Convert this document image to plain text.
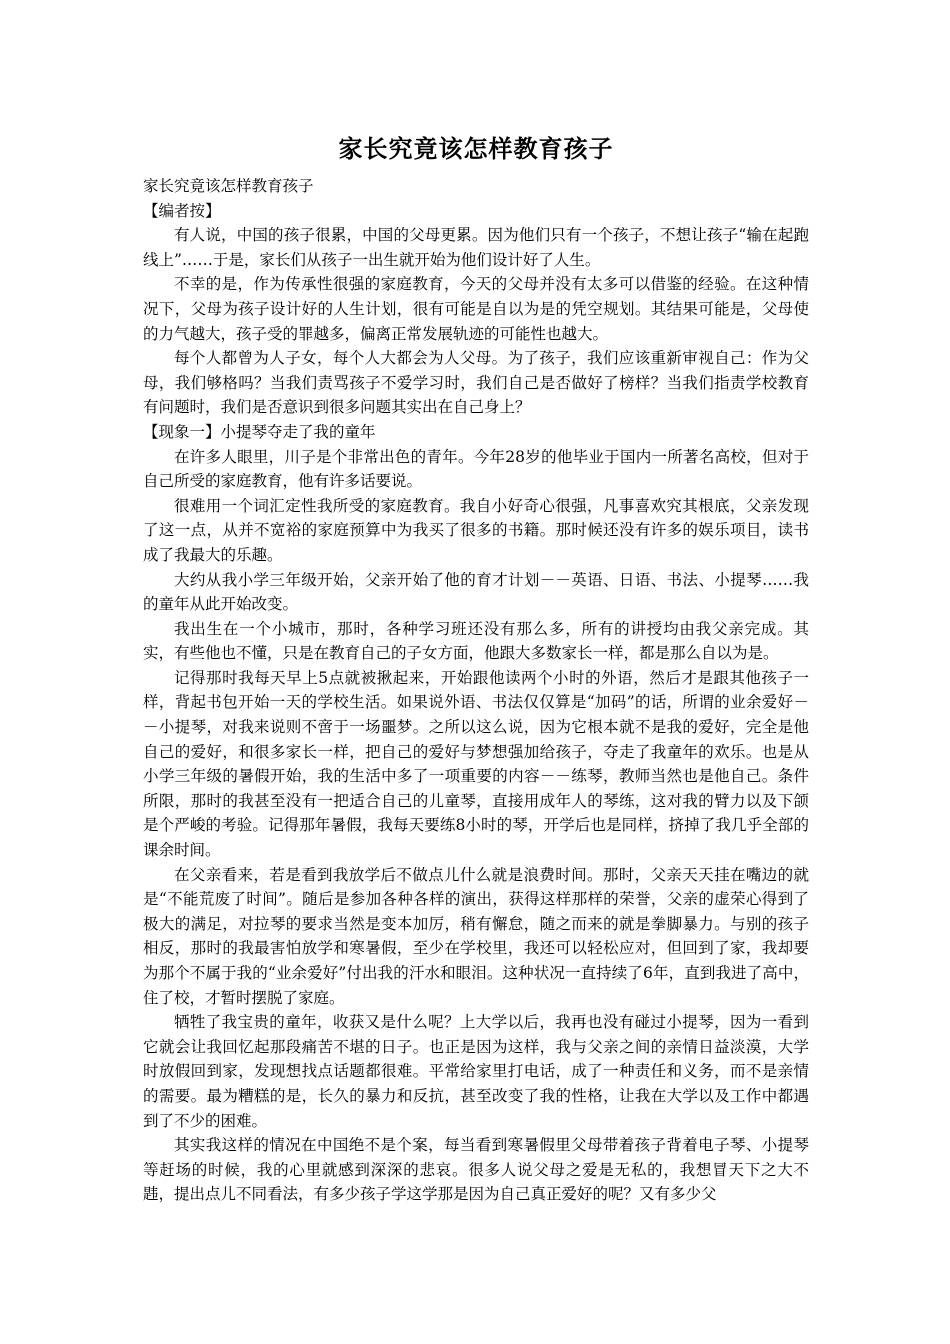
家长究竟该怎样教育孩子

家长究竟该怎样教育孩子

【编者按】

有人说，中国的孩子很累，中国的父母更累。因为他们只有一个孩子，不想让孩子“输在起跑线上”……于是，家长们从孩子一出生就开始为他们设计好了人生。

不幸的是，作为传承性很强的家庭教育，今天的父母并没有太多可以借鉴的经验。在这种情况下，父母为孩子设计好的人生计划，很有可能是自以为是的凭空规划。其结果可能是，父母使的力气越大，孩子受的罪越多，偏离正常发展轨迹的可能性也越大。

每个人都曾为人子女，每个人大都会为人父母。为了孩子，我们应该重新审视自己：作为父母，我们够格吗？当我们责骂孩子不爱学习时，我们自己是否做好了榜样？当我们指责学校教育有问题时，我们是否意识到很多问题其实出在自己身上？

【现象一】小提琴夺走了我的童年

在许多人眼里，川子是个非常出色的青年。今年28岁的他毕业于国内一所著名高校，但对于自己所受的家庭教育，他有许多话要说。

很难用一个词汇定性我所受的家庭教育。我自小好奇心很强，凡事喜欢究其根底，父亲发现了这一点，从并不宽裕的家庭预算中为我买了很多的书籍。那时候还没有许多的娱乐项目，读书成了我最大的乐趣。

大约从我小学三年级开始，父亲开始了他的育才计划－－英语、日语、书法、小提琴……我的童年从此开始改变。

我出生在一个小城市，那时，各种学习班还没有那么多，所有的讲授均由我父亲完成。其实，有些他也不懂，只是在教育自己的子女方面，他跟大多数家长一样，都是那么自以为是。

记得那时我每天早上5点就被揪起来，开始跟他读两个小时的外语，然后才是跟其他孩子一样，背起书包开始一天的学校生活。如果说外语、书法仅仅算是“加码”的话，所谓的业余爱好－－小提琴，对我来说则不啻于一场噩梦。之所以这么说，因为它根本就不是我的爱好，完全是他自己的爱好，和很多家长一样，把自己的爱好与梦想强加给孩子，夺走了我童年的欢乐。也是从小学三年级的暑假开始，我的生活中多了一项重要的内容－－练琴，教师当然也是他自己。条件所限，那时的我甚至没有一把适合自己的儿童琴，直接用成年人的琴练，这对我的臂力以及下颌是个严峻的考验。记得那年暑假，我每天要练8小时的琴，开学后也是同样，挤掉了我几乎全部的课余时间。

在父亲看来，若是看到我放学后不做点儿什么就是浪费时间。那时，父亲天天挂在嘴边的就是“不能荒废了时间”。随后是参加各种各样的演出，获得这样那样的荣誉，父亲的虚荣心得到了极大的满足，对拉琴的要求当然是变本加厉，稍有懈怠，随之而来的就是拳脚暴力。与别的孩子相反，那时的我最害怕放学和寒暑假，至少在学校里，我还可以轻松应对，但回到了家，我却要为那个不属于我的“业余爱好”付出我的汗水和眼泪。这种状况一直持续了6年，直到我进了高中，住了校，才暂时摆脱了家庭。

牺牲了我宝贵的童年，收获又是什么呢？上大学以后，我再也没有碰过小提琴，因为一看到它就会让我回忆起那段痛苦不堪的日子。也正是因为这样，我与父亲之间的亲情日益淡漠，大学时放假回到家，发现想找点话题都很难。平常给家里打电话，成了一种责任和义务，而不是亲情的需要。最为糟糕的是，长久的暴力和反抗，甚至改变了我的性格，让我在大学以及工作中都遇到了不少的困难。

其实我这样的情况在中国绝不是个案，每当看到寒暑假里父母带着孩子背着电子琴、小提琴等赶场的时候，我的心里就感到深深的悲哀。很多人说父母之爱是无私的，我想冒天下之大不韪，提出点儿不同看法，有多少孩子学这学那是因为自己真正爱好的呢？又有多少父
